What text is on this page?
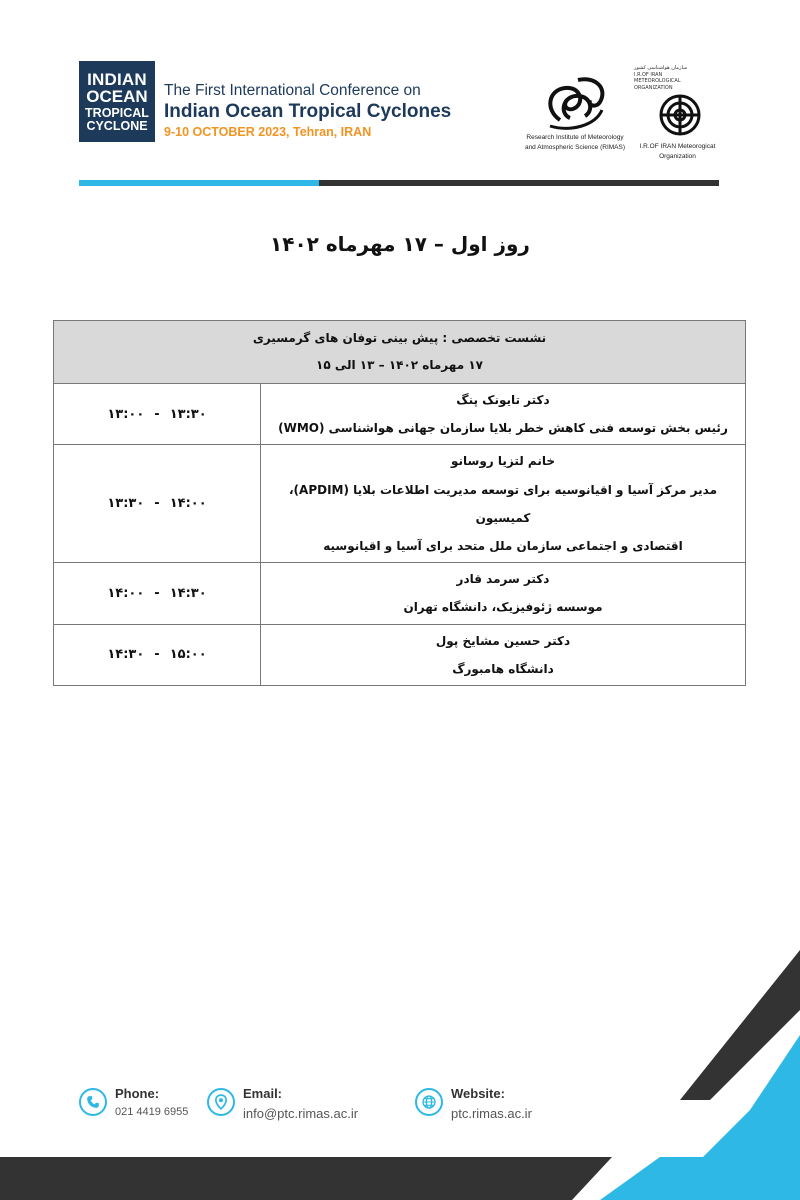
INDIAN
OCEAN
TROPICAL
CYCLONE
The First International Conference on
Indian Ocean Tropical Cyclones
9-10 OCTOBER 2023, Tehran, IRAN	Research Institute of Meteorology
and Atmospheric Science (RIMAS)
سازمان هواشناسی کشور
I.R.OF IRAN
METEOROLOGICAL
ORGANIZATION
I.R.OF IRAN Meteorogicat
Organization
روز اول – ۱۷ مهرماه ۱۴۰۲
نشست تخصصی : پیش بینی توفان های گرمسیری
۱۷ مهرماه ۱۴۰۲ – ۱۳ الی ۱۵	

دکتر تایونک پنگ
رئیس بخش توسعه فنی کاهش خطر بلایا سازمان جهانی هواشناسی (WMO)	۱۳:۰۰ - ۱۳:۳۰

خانم لتزیا روسانو
مدیر مرکز آسیا و اقیانوسیه برای توسعه مدیریت اطلاعات بلایا (APDIM)، کمیسیون
اقتصادی و اجتماعی سازمان ملل متحد برای آسیا و اقیانوسیه	۱۳:۳۰ - ۱۴:۰۰

دکتر سرمد قادر
موسسه ژئوفیزیک، دانشگاه تهران	۱۴:۰۰ - ۱۴:۳۰

دکتر حسین مشایخ پول
دانشگاه هامبورگ	۱۴:۳۰ - ۱۵:۰۰
Phone:
021 4419 6955
Email:
info@ptc.rimas.ac.ir
Website:
ptc.rimas.ac.ir
